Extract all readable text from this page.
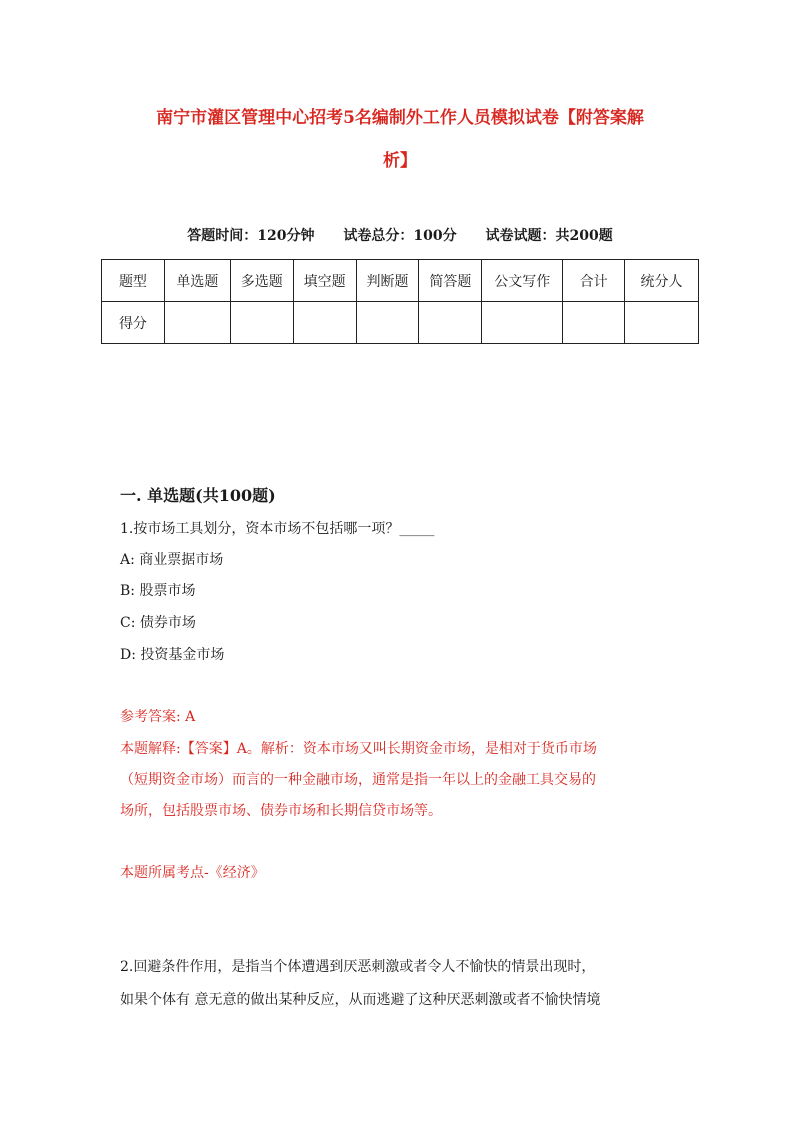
南宁市灌区管理中心招考5名编制外工作人员模拟试卷【附答案解
析】
答题时间：120分钟 试卷总分：100分 试卷试题：共200题
题型	单选题	多选题	填空题	判断题	简答题	公文写作	合计	统分人
得分								
一. 单选题(共100题)
1.按市场工具划分，资本市场不包括哪一项？_____
A: 商业票据市场
B: 股票市场
C: 债券市场
D: 投资基金市场
参考答案: A
本题解释:【答案】A。解析：资本市场又叫长期资金市场，是相对于货币市场
（短期资金市场）而言的一种金融市场，通常是指一年以上的金融工具交易的
场所，包括股票市场、债券市场和长期信贷市场等。
本题所属考点-《经济》
2.回避条件作用，是指当个体遭遇到厌恶刺激或者令人不愉快的情景出现时，
如果个体有 意无意的做出某种反应，从而逃避了这种厌恶刺激或者不愉快情境
